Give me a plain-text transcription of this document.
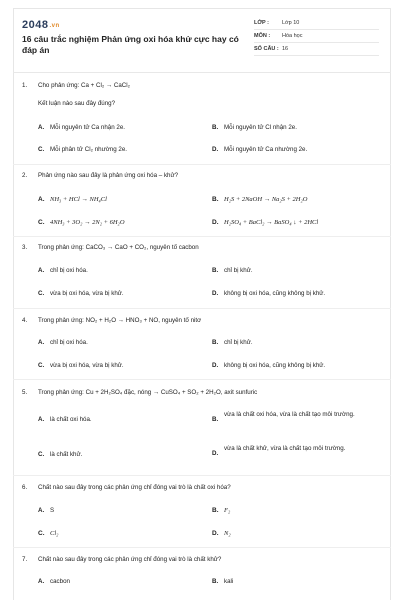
2048.vn
16 câu trắc nghiệm Phản ứng oxi hóa khử cực hay có đáp án
LỚP :	Lớp 10
MÔN :	Hóa học
SỐ CÂU : 16
1.	Cho phản ứng: Ca + Cl₂ → CaCl₂
Kết luận nào sau đây đúng?
A. Mỗi nguyên tử Ca nhận 2e.	B. Mỗi nguyên tử Cl nhận 2e.
C. Mỗi phân tử Cl₂ nhường 2e.	D. Mỗi nguyên tử Ca nhường 2e.
2.	Phản ứng nào sau đây là phản ứng oxi hóa – khử?
A. NH₃ + HCl → NH₄Cl	B. H₂S + 2NaOH → Na₂S + 2H₂O
C. 4NH₃ + 3O₂ → 2N₂ + 6H₂O	D. H₂SO₄ + BaCl₂ → BaSO₄ ↓ + 2HCl
3.	Trong phản ứng: CaCO₃ → CaO + CO₂, nguyên tố cacbon
A. chỉ bị oxi hóa.	B. chỉ bị khử.
C. vừa bị oxi hóa, vừa bị khử.	D. không bị oxi hóa, cũng không bị khử.
4.	Trong phản ứng: NO₂ + H₂O → HNO₃ + NO, nguyên tố nitơ
A. chỉ bị oxi hóa.	B. chỉ bị khử.
C. vừa bị oxi hóa, vừa bị khử.	D. không bị oxi hóa, cũng không bị khử.
5.	Trong phản ứng: Cu + 2H₂SO₄ đặc, nóng → CuSO₄ + SO₂ + 2H₂O, axit sunfuric
A. là chất oxi hóa.	B.vừa là chất oxi hóa, vừa là chất tạo môi trường.
C. là chất khử.	D.vừa là chất khử, vừa là chất tạo môi trường.
6.	Chất nào sau đây trong các phản ứng chỉ đóng vai trò là chất oxi hóa?
A. S	B. F₂
C. Cl₂	D. N₂
7.	Chất nào sau đây trong các phản ứng chỉ đóng vai trò là chất khử?
A. cacbon	B. kali
